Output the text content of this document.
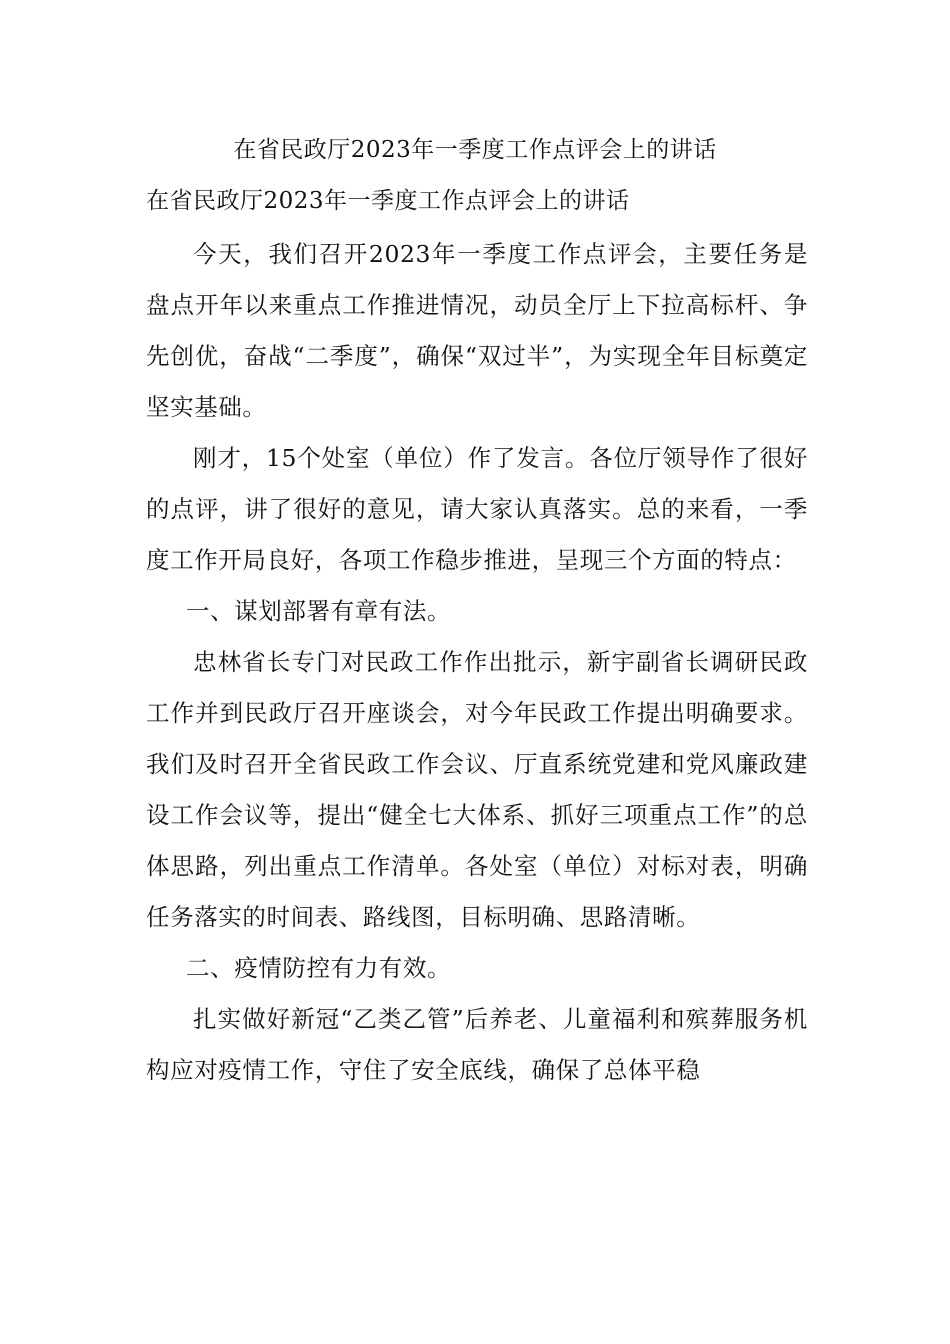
在省民政厅2023年一季度工作点评会上的讲话
在省民政厅2023年一季度工作点评会上的讲话

今天，我们召开2023年一季度工作点评会，主要任务是盘点开年以来重点工作推进情况，动员全厅上下拉高标杆、争先创优，奋战“二季度”，确保“双过半”，为实现全年目标奠定坚实基础。

刚才，15个处室（单位）作了发言。各位厅领导作了很好的点评，讲了很好的意见，请大家认真落实。总的来看，一季度工作开局良好，各项工作稳步推进，呈现三个方面的特点：

一、谋划部署有章有法。

忠林省长专门对民政工作作出批示，新宇副省长调研民政工作并到民政厅召开座谈会，对今年民政工作提出明确要求。我们及时召开全省民政工作会议、厅直系统党建和党风廉政建设工作会议等，提出“健全七大体系、抓好三项重点工作”的总体思路，列出重点工作清单。各处室（单位）对标对表，明确任务落实的时间表、路线图，目标明确、思路清晰。

二、疫情防控有力有效。

扎实做好新冠“乙类乙管”后养老、儿童福利和殡葬服务机构应对疫情工作，守住了安全底线，确保了总体平稳
